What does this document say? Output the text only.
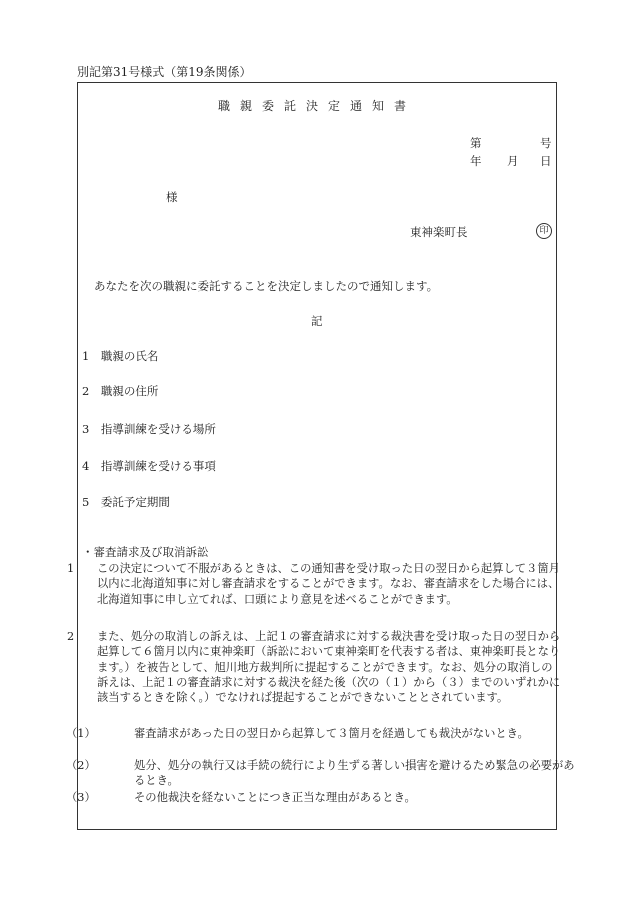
別記第31号様式（第19条関係）
職親委託決定通知書
第	号
年 月 日
様
東神楽町長	印
あなたを次の職親に委託することを決定しましたので通知します。
記
1　 職親の氏名
2　 職親の住所
3　 指導訓練を受ける場所
4　 指導訓練を受ける事項
5　 委託予定期間
・審査請求及び取消訴訟
1 この決定について不服があるときは、この通知書を受け取った日の翌日から起算して３箇月以内に北海道知事に対し審査請求をすることができます。なお、審査請求をした場合には、北海道知事に申し立てれば、口頭により意見を述べることができます。
2 また、処分の取消しの訴えは、上記１の審査請求に対する裁決書を受け取った日の翌日から起算して６箇月以内に東神楽町（訴訟において東神楽町を代表する者は、東神楽町長となります。）を被告として、旭川地方裁判所に提起することができます。なお、処分の取消しの訴えは、上記１の審査請求に対する裁決を経た後（次の（１）から（３）までのいずれかに該当するときを除く。）でなければ提起することができないこととされています。
（1）	審査請求があった日の翌日から起算して３箇月を経過しても裁決がないとき。
（2）	処分、処分の執行又は手続の続行により生ずる著しい損害を避けるため緊急の必要があるとき。
（3）	その他裁決を経ないことにつき正当な理由があるとき。
